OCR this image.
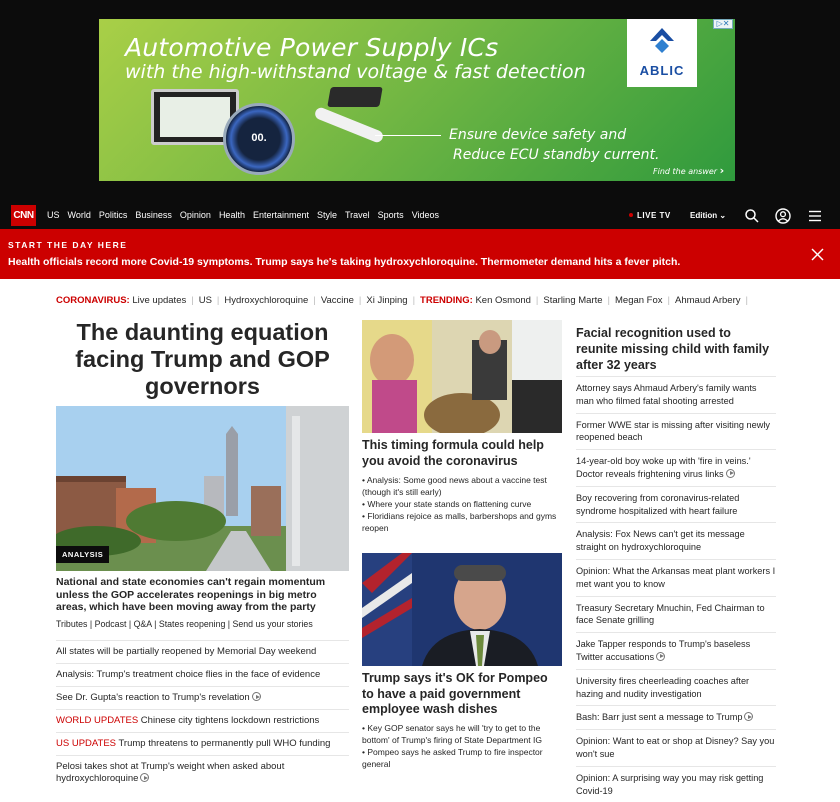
Automotive Power Supply ICs
with the high-withstand voltage & fast detection	ABLIC
▷✕
00.	Ensure device safety and
Reduce ECU standby current.
Find the answer ›
CNN US World Politics Business Opinion Health Entertainment Style Travel Sports Videos	LIVE TV Edition ⌄
START THE DAY HERE
Health officials record more Covid-19 symptoms. Trump says he's taking hydroxychloroquine. Thermometer demand hits a fever pitch.
CORONAVIRUS: Live updates | US | Hydroxychloroquine | Vaccine | Xi Jinping | TRENDING: Ken Osmond | Starling Marte | Megan Fox | Ahmaud Arbery |
The daunting equation facing Trump and GOP governors
ANALYSIS
National and state economies can't regain momentum unless the GOP accelerates reopenings in big metro areas, which have been moving away from the party
Tributes | Podcast | Q&A | States reopening | Send us your stories
All states will be partially reopened by Memorial Day weekend
Analysis: Trump's treatment choice flies in the face of evidence
See Dr. Gupta's reaction to Trump's revelation
WORLD UPDATES Chinese city tightens lockdown restrictions
US UPDATES Trump threatens to permanently pull WHO funding
Pelosi takes shot at Trump's weight when asked about hydroxychloroquine
This timing formula could help you avoid the coronavirus
• Analysis: Some good news about a vaccine test (though it's still early)
• Where your state stands on flattening curve
• Floridians rejoice as malls, barbershops and gyms reopen
Trump says it's OK for Pompeo to have a paid government employee wash dishes
• Key GOP senator says he will 'try to get to the bottom' of Trump's firing of State Department IG
• Pompeo says he asked Trump to fire inspector general
Facial recognition used to reunite missing child with family after 32 years
Attorney says Ahmaud Arbery's family wants man who filmed fatal shooting arrested
Former WWE star is missing after visiting newly reopened beach
14-year-old boy woke up with 'fire in veins.' Doctor reveals frightening virus links
Boy recovering from coronavirus-related syndrome hospitalized with heart failure
Analysis: Fox News can't get its message straight on hydroxychloroquine
Opinion: What the Arkansas meat plant workers I met want you to know
Treasury Secretary Mnuchin, Fed Chairman to face Senate grilling
Jake Tapper responds to Trump's baseless Twitter accusations
University fires cheerleading coaches after hazing and nudity investigation
Bash: Barr just sent a message to Trump
Opinion: Want to eat or shop at Disney? Say you won't sue
Opinion: A surprising way you may risk getting Covid-19
